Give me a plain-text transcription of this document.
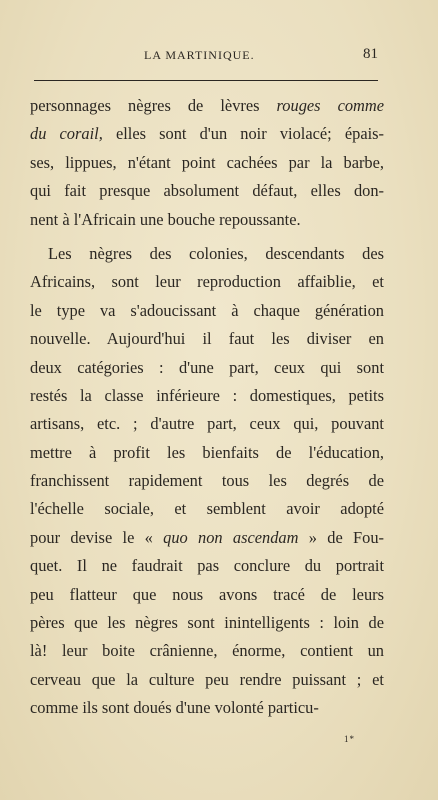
LA MARTINIQUE.	81
personnages nègres de lèvres rouges comme
du corail, elles sont d'un noir violacé; épais-
ses, lippues, n'étant point cachées par la barbe,
qui fait presque absolument défaut, elles don-
nent à l'Africain une bouche repoussante.
Les nègres des colonies, descendants des
Africains, sont leur reproduction affaiblie, et
le type va s'adoucissant à chaque génération
nouvelle. Aujourd'hui il faut les diviser en
deux catégories : d'une part, ceux qui sont
restés la classe inférieure : domestiques, petits
artisans, etc. ; d'autre part, ceux qui, pouvant
mettre à profit les bienfaits de l'éducation,
franchissent rapidement tous les degrés de
l'échelle sociale, et semblent avoir adopté
pour devise le « quo non ascendam » de Fou-
quet. Il ne faudrait pas conclure du portrait
peu flatteur que nous avons tracé de leurs
pères que les nègres sont inintelligents : loin de
là! leur boite crânienne, énorme, contient un
cerveau que la culture peu rendre puissant ; et
comme ils sont doués d'une volonté particu-
1*
